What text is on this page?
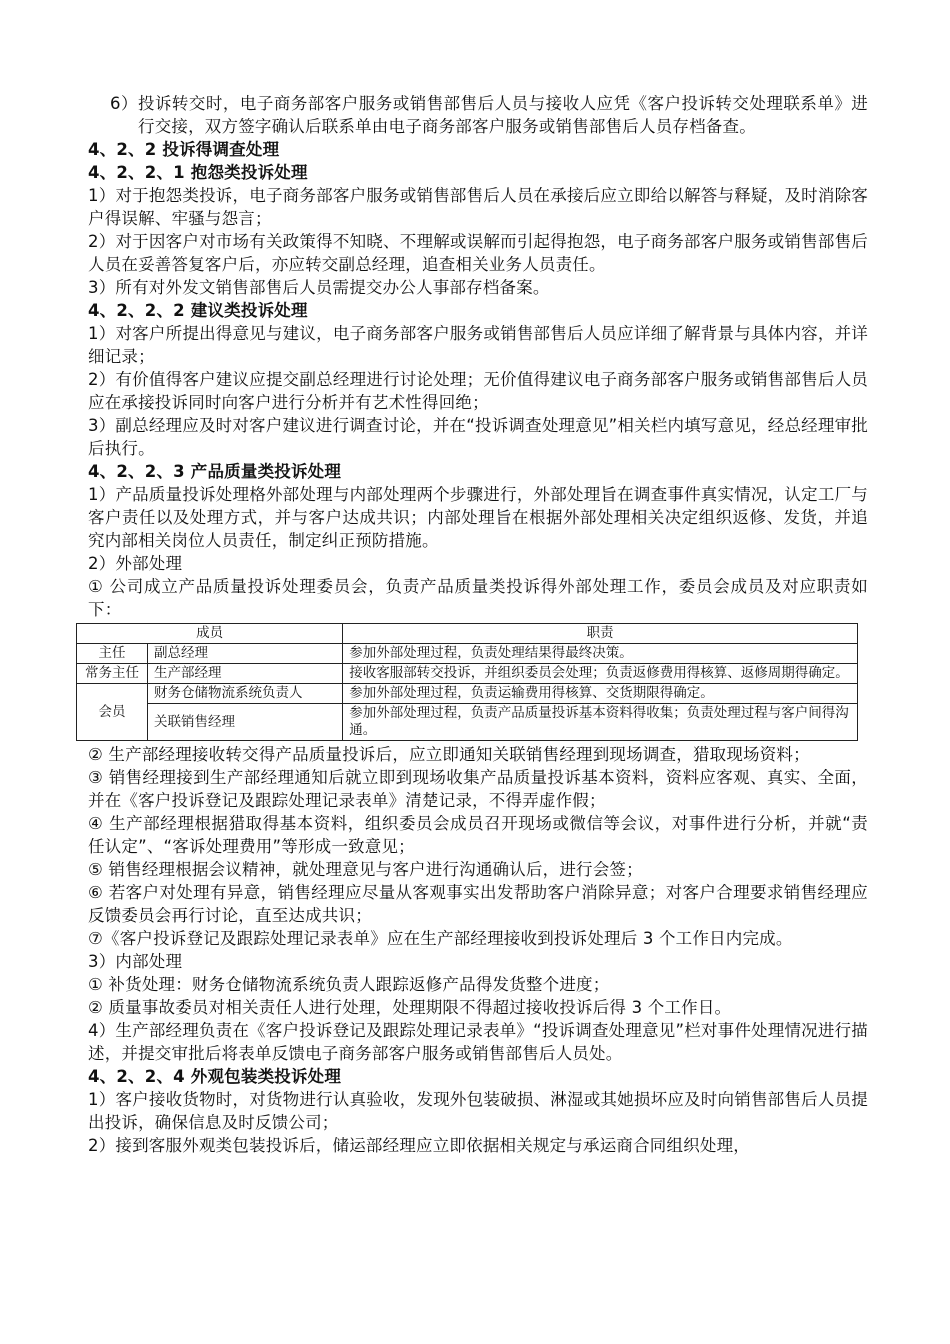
6）投诉转交时，电子商务部客户服务或销售部售后人员与接收人应凭《客户投诉转交处理联系单》进行交接，双方签字确认后联系单由电子商务部客户服务或销售部售后人员存档备查。

4、2、2 投诉得调查处理

4、2、2、1 抱怨类投诉处理

1）对于抱怨类投诉，电子商务部客户服务或销售部售后人员在承接后应立即给以解答与释疑，及时消除客户得误解、牢骚与怨言；

2）对于因客户对市场有关政策得不知晓、不理解或误解而引起得抱怨，电子商务部客户服务或销售部售后人员在妥善答复客户后，亦应转交副总经理，追查相关业务人员责任。

3）所有对外发文销售部售后人员需提交办公人事部存档备案。

4、2、2、2 建议类投诉处理

1）对客户所提出得意见与建议，电子商务部客户服务或销售部售后人员应详细了解背景与具体内容，并详细记录；

2）有价值得客户建议应提交副总经理进行讨论处理；无价值得建议电子商务部客户服务或销售部售后人员应在承接投诉同时向客户进行分析并有艺术性得回绝；

3）副总经理应及时对客户建议进行调查讨论，并在“投诉调查处理意见”相关栏内填写意见，经总经理审批后执行。

4、2、2、3 产品质量类投诉处理

1）产品质量投诉处理格外部处理与内部处理两个步骤进行，外部处理旨在调查事件真实情况，认定工厂与客户责任以及处理方式，并与客户达成共识；内部处理旨在根据外部处理相关决定组织返修、发货，并追究内部相关岗位人员责任，制定纠正预防措施。

2）外部处理

① 公司成立产品质量投诉处理委员会，负责产品质量类投诉得外部处理工作，委员会成员及对应职责如下：

成员		职责
主任	副总经理	参加外部处理过程，负责处理结果得最终决策。
常务主任	生产部经理	接收客服部转交投诉，并组织委员会处理；负责返修费用得核算、返修周期得确定。
会员	财务仓储物流系统负责人	参加外部处理过程，负责运输费用得核算、交货期限得确定。
	关联销售经理	参加外部处理过程，负责产品质量投诉基本资料得收集；负责处理过程与客户间得沟通。

② 生产部经理接收转交得产品质量投诉后，应立即通知关联销售经理到现场调查，猎取现场资料；

③ 销售经理接到生产部经理通知后就立即到现场收集产品质量投诉基本资料，资料应客观、真实、全面，并在《客户投诉登记及跟踪处理记录表单》清楚记录，不得弄虚作假；

④ 生产部经理根据猎取得基本资料，组织委员会成员召开现场或微信等会议，对事件进行分析，并就“责任认定”、“客诉处理费用”等形成一致意见；

⑤ 销售经理根据会议精神，就处理意见与客户进行沟通确认后，进行会签；

⑥ 若客户对处理有异意，销售经理应尽量从客观事实出发帮助客户消除异意；对客户合理要求销售经理应反馈委员会再行讨论，直至达成共识；

⑦《客户投诉登记及跟踪处理记录表单》应在生产部经理接收到投诉处理后 3 个工作日内完成。

3）内部处理

① 补货处理：财务仓储物流系统负责人跟踪返修产品得发货整个进度；

② 质量事故委员对相关责任人进行处理，处理期限不得超过接收投诉后得 3 个工作日。

4）生产部经理负责在《客户投诉登记及跟踪处理记录表单》“投诉调查处理意见”栏对事件处理情况进行描述，并提交审批后将表单反馈电子商务部客户服务或销售部售后人员处。

4、2、2、4 外观包装类投诉处理

1）客户接收货物时，对货物进行认真验收，发现外包装破损、淋湿或其她损坏应及时向销售部售后人员提出投诉，确保信息及时反馈公司；

2）接到客服外观类包装投诉后，储运部经理应立即依据相关规定与承运商合同组织处理，
